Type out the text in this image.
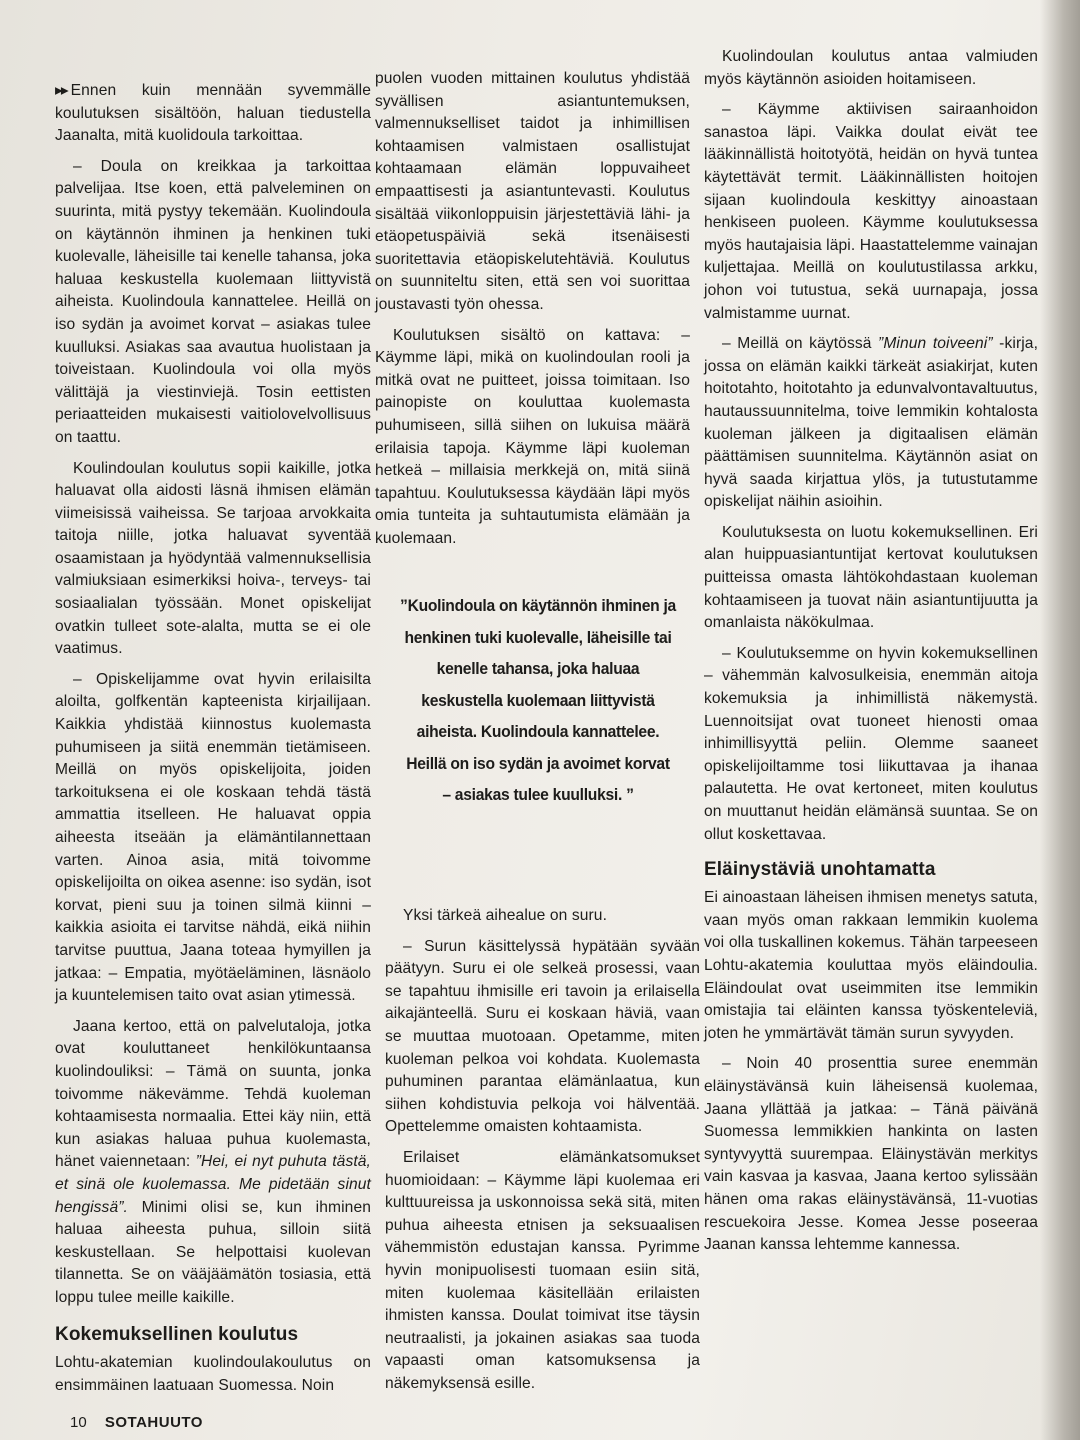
▸▸ Ennen kuin mennään syvemmälle koulutuksen sisältöön, haluan tiedustella Jaanalta, mitä kuolidoula tarkoittaa.

– Doula on kreikkaa ja tarkoittaa palvelijaa. Itse koen, että palveleminen on suurinta, mitä pystyy tekemään. Kuolindoula on käytännön ihminen ja henkinen tuki kuolevalle, läheisille tai kenelle tahansa, joka haluaa keskustella kuolemaan liittyvistä aiheista. Kuolindoula kannattelee. Heillä on iso sydän ja avoimet korvat – asiakas tulee kuulluksi. Asiakas saa avautua huolistaan ja toiveistaan. Kuolindoula voi olla myös välittäjä ja viestinviejä. Tosin eettisten periaatteiden mukaisesti vaitiolovelvollisuus on taattu.

Koulindoulan koulutus sopii kaikille, jotka haluavat olla aidosti läsnä ihmisen elämän viimeisissä vaiheissa. Se tarjoaa arvokkaita taitoja niille, jotka haluavat syventää osaamistaan ja hyödyntää valmennuksellisia valmiuksiaan esimerkiksi hoiva-, terveys- tai sosiaalialan työssään. Monet opiskelijat ovatkin tulleet sote-alalta, mutta se ei ole vaatimus.

– Opiskelijamme ovat hyvin erilaisilta aloilta, golfkentän kapteenista kirjailijaan. Kaikkia yhdistää kiinnostus kuolemasta puhumiseen ja siitä enemmän tietämiseen. Meillä on myös opiskelijoita, joiden tarkoituksena ei ole koskaan tehdä tästä ammattia itselleen. He haluavat oppia aiheesta itseään ja elämäntilannettaan varten. Ainoa asia, mitä toivomme opiskelijoilta on oikea asenne: iso sydän, isot korvat, pieni suu ja toinen silmä kiinni – kaikkia asioita ei tarvitse nähdä, eikä niihin tarvitse puuttua, Jaana toteaa hymyillen ja jatkaa: – Empatia, myötäeläminen, läsnäolo ja kuuntelemisen taito ovat asian ytimessä.

Jaana kertoo, että on palvelutaloja, jotka ovat kouluttaneet henkilökuntaansa kuolindouliksi: – Tämä on suunta, jonka toivomme näkevämme. Tehdä kuoleman kohtaamisesta normaalia. Ettei käy niin, että kun asiakas haluaa puhua kuolemasta, hänet vaiennetaan: ”Hei, ei nyt puhuta tästä, et sinä ole kuolemassa. Me pidetään sinut hengissä”. Minimi olisi se, kun ihminen haluaa aiheesta puhua, silloin siitä keskustellaan. Se helpottaisi kuolevan tilannetta. Se on vääjäämätön tosiasia, että loppu tulee meille kaikille.

Kokemuksellinen koulutus

Lohtu-akatemian kuolindoulakoulutus on ensimmäinen laatuaan Suomessa. Noin

puolen vuoden mittainen koulutus yhdistää syvällisen asiantuntemuksen, valmennukselliset taidot ja inhimillisen kohtaamisen valmistaen osallistujat kohtaamaan elämän loppuvaiheet empaattisesti ja asiantuntevasti. Koulutus sisältää viikonloppuisin järjestettäviä lähi- ja etäopetuspäiviä sekä itsenäisesti suoritettavia etäopiskelutehtäviä. Koulutus on suunniteltu siten, että sen voi suorittaa joustavasti työn ohessa.

Koulutuksen sisältö on kattava: – Käymme läpi, mikä on kuolindoulan rooli ja mitkä ovat ne puitteet, joissa toimitaan. Iso painopiste on kouluttaa kuolemasta puhumiseen, sillä siihen on lukuisa määrä erilaisia tapoja. Käymme läpi kuoleman hetkeä – millaisia merkkejä on, mitä siinä tapahtuu. Koulutuksessa käydään läpi myös omia tunteita ja suhtautumista elämään ja kuolemaan.

”Kuolindoula on käytännön ihminen ja henkinen tuki kuolevalle, läheisille tai kenelle tahansa, joka haluaa keskustella kuolemaan liittyvistä aiheista. Kuolindoula kannattelee. Heillä on iso sydän ja avoimet korvat – asiakas tulee kuulluksi. ”

Yksi tärkeä aihealue on suru.

– Surun käsittelyssä hypätään syvään päätyyn. Suru ei ole selkeä prosessi, vaan se tapahtuu ihmisille eri tavoin ja erilaisella aikajänteellä. Suru ei koskaan häviä, vaan se muuttaa muotoaan. Opetamme, miten kuoleman pelkoa voi kohdata. Kuolemasta puhuminen parantaa elämänlaatua, kun siihen kohdistuvia pelkoja voi hälventää. Opettelemme omaisten kohtaamista.

Erilaiset elämänkatsomukset huomioidaan: – Käymme läpi kuolemaa eri kulttuureissa ja uskonnoissa sekä sitä, miten puhua aiheesta etnisen ja seksuaalisen vähemmistön edustajan kanssa. Pyrimme hyvin monipuolisesti tuomaan esiin sitä, miten kuolemaa käsitellään erilaisten ihmisten kanssa. Doulat toimivat itse täysin neutraalisti, ja jokainen asiakas saa tuoda vapaasti oman katsomuksensa ja näkemyksensä esille.

Kuolindoulan koulutus antaa valmiuden myös käytännön asioiden hoitamiseen.

– Käymme aktiivisen sairaanhoidon sanastoa läpi. Vaikka doulat eivät tee lääkinnällistä hoitotyötä, heidän on hyvä tuntea käytettävät termit. Lääkinnällisten hoitojen sijaan kuolindoula keskittyy ainoastaan henkiseen puoleen. Käymme koulutuksessa myös hautajaisia läpi. Haastattelemme vainajan kuljettajaa. Meillä on koulutustilassa arkku, johon voi tutustua, sekä uurnapaja, jossa valmistamme uurnat.

– Meillä on käytössä ”Minun toiveeni” -kirja, jossa on elämän kaikki tärkeät asiakirjat, kuten hoitotahto, hoitotahto ja edunvalvontavaltuutus, hautaussuunnitelma, toive lemmikin kohtalosta kuoleman jälkeen ja digitaalisen elämän päättämisen suunnitelma. Käytännön asiat on hyvä saada kirjattua ylös, ja tutustutamme opiskelijat näihin asioihin.

Koulutuksesta on luotu kokemuksellinen. Eri alan huippuasiantuntijat kertovat koulutuksen puitteissa omasta lähtökohdastaan kuoleman kohtaamiseen ja tuovat näin asiantuntijuutta ja omanlaista näkökulmaa.

– Koulutuksemme on hyvin kokemuksellinen – vähemmän kalvosulkeisia, enemmän aitoja kokemuksia ja inhimillistä näkemystä. Luennoitsijat ovat tuoneet hienosti omaa inhimillisyyttä peliin. Olemme saaneet opiskelijoiltamme tosi liikuttavaa ja ihanaa palautetta. He ovat kertoneet, miten koulutus on muuttanut heidän elämänsä suuntaa. Se on ollut koskettavaa.

Eläinystäviä unohtamatta

Ei ainoastaan läheisen ihmisen menetys satuta, vaan myös oman rakkaan lemmikin kuolema voi olla tuskallinen kokemus. Tähän tarpeeseen Lohtu-akatemia kouluttaa myös eläindoulia. Eläindoulat ovat useimmiten itse lemmikin omistajia tai eläinten kanssa työskenteleviä, joten he ymmärtävät tämän surun syvyyden.

– Noin 40 prosenttia suree enemmän eläinystävänsä kuin läheisensä kuolemaa, Jaana yllättää ja jatkaa: – Tänä päivänä Suomessa lemmikkien hankinta on lasten syntyvyyttä suurempaa. Eläinystävän merkitys vain kasvaa ja kasvaa, Jaana kertoo sylissään hänen oma rakas eläinystävänsä, 11-vuotias rescuekoira Jesse. Komea Jesse poseeraa Jaanan kanssa lehtemme kannessa.

10 SOTAHUUTO
